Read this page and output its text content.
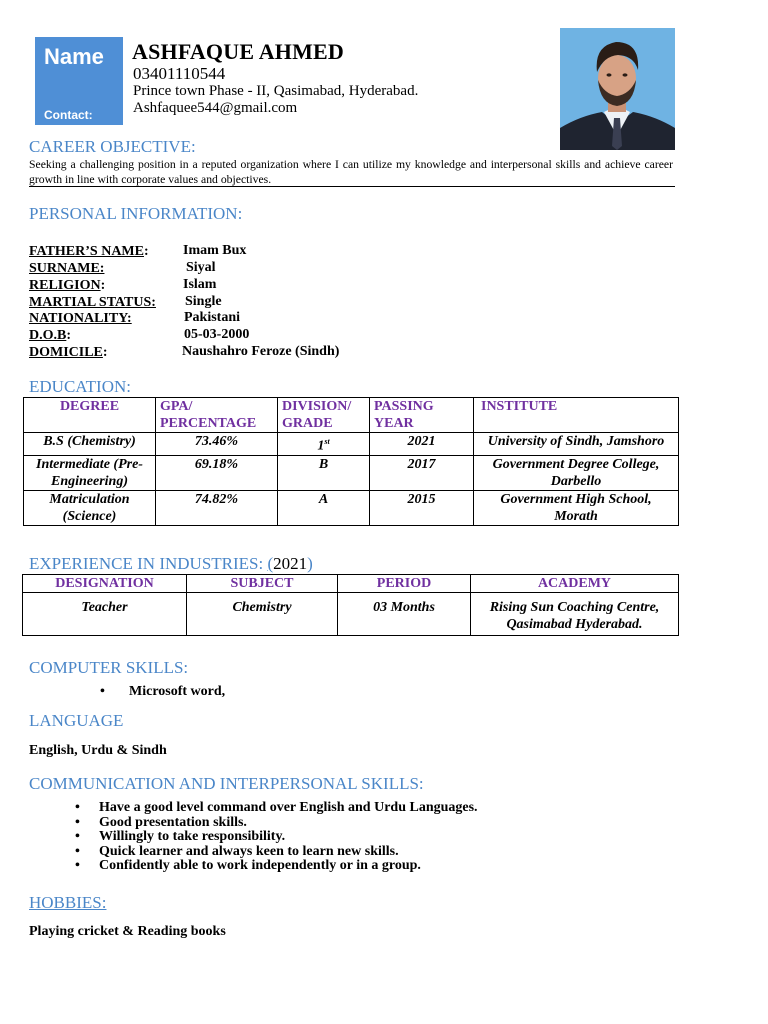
Name
Contact:
ASHFAQUE AHMED
03401110544
Prince town Phase - II, Qasimabad, Hyderabad.
Ashfaquee544@gmail.com
CAREER OBJECTIVE:
Seeking a challenging position in a reputed organization where I can utilize my knowledge and interpersonal skills and achieve career growth in line with corporate values and objectives.
PERSONAL INFORMATION:
FATHER’S NAME: Imam Bux
SURNAME:	Siyal
RELIGION:	Islam
MARTIAL STATUS: Single
NATIONALITY:	Pakistani
D.O.B:	05-03-2000
DOMICILE:	Naushahro Feroze (Sindh)
EDUCATION:
DEGREE	GPA/ PERCENTAGE	DIVISION/ GRADE	PASSING YEAR	INSTITUTE
B.S (Chemistry)	73.46%	1st	2021	University of Sindh, Jamshoro
Intermediate (Pre-Engineering)	69.18%	B	2017	Government Degree College, Darbello
Matriculation (Science)	74.82%	A	2015	Government High School, Morath
EXPERIENCE IN INDUSTRIES: (2021)
DESIGNATION	SUBJECT	PERIOD	ACADEMY
Teacher	Chemistry	03 Months	Rising Sun Coaching Centre, Qasimabad Hyderabad.
COMPUTER SKILLS:
• Microsoft word,
LANGUAGE
English, Urdu & Sindh
COMMUNICATION AND INTERPERSONAL SKILLS:
• Have a good level command over English and Urdu Languages.
• Good presentation skills.
• Willingly to take responsibility.
• Quick learner and always keen to learn new skills.
• Confidently able to work independently or in a group.
HOBBIES:
Playing cricket & Reading books
